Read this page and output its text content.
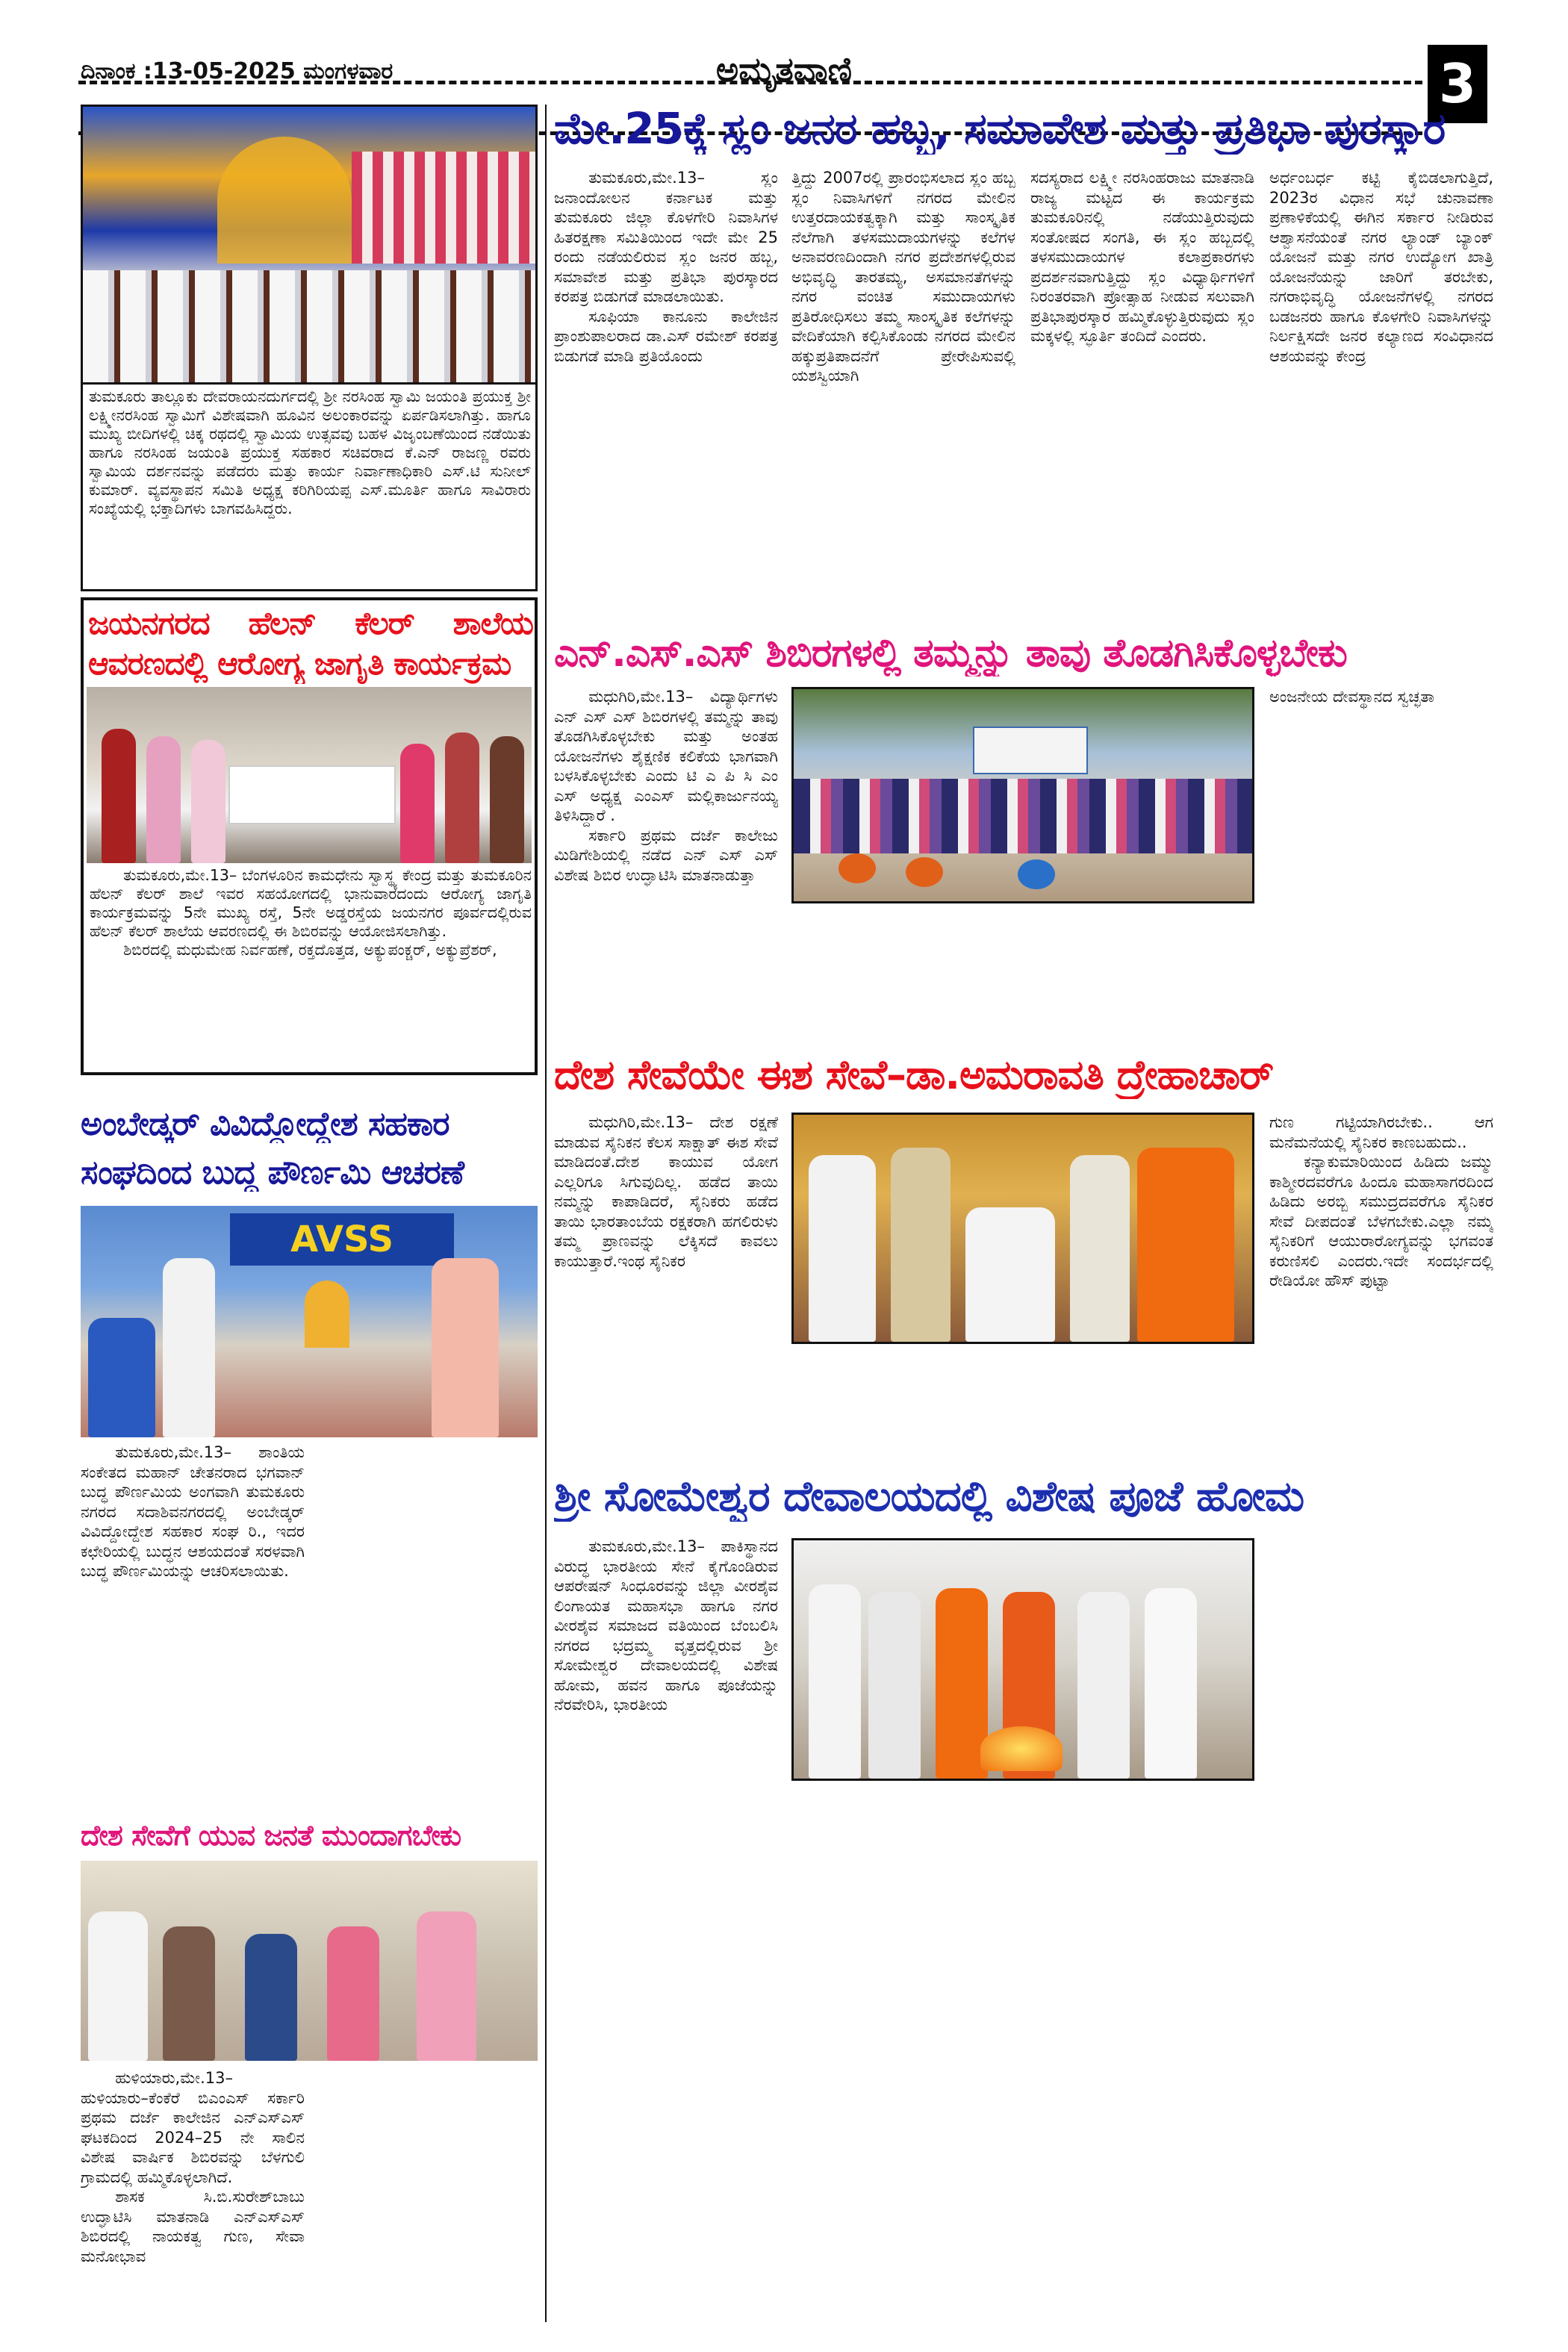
ದಿನಾಂಕ :13-05-2025 ಮಂಗಳವಾರ	ಅಮೃತವಾಣಿ	3
ತುಮಕೂರು ತಾಲ್ಲೂಕು ದೇವರಾಯನದುರ್ಗದಲ್ಲಿ ಶ್ರೀ ನರಸಿಂಹ ಸ್ವಾಮಿ ಜಯಂತಿ ಪ್ರಯುಕ್ತ ಶ್ರೀ ಲಕ್ಷ್ಮೀನರಸಿಂಹ ಸ್ವಾಮಿಗೆ ವಿಶೇಷವಾಗಿ ಹೂವಿನ ಅಲಂಕಾರವನ್ನು ಏರ್ಪಡಿಸಲಾಗಿತ್ತು. ಹಾಗೂ ಮುಖ್ಯ ಬೀದಿಗಳಲ್ಲಿ ಚಿಕ್ಕ ರಥದಲ್ಲಿ ಸ್ವಾಮಿಯ ಉತ್ಸವವು ಬಹಳ ವಿಜೃಂಬಣೆಯಿಂದ ನಡೆಯಿತು ಹಾಗೂ ನರಸಿಂಹ ಜಯಂತಿ ಪ್ರಯುಕ್ತ ಸಹಕಾರ ಸಚಿವರಾದ ಕೆ.ಎನ್ ರಾಜಣ್ಣ ರವರು ಸ್ವಾಮಿಯ ದರ್ಶನವನ್ನು ಪಡೆದರು ಮತ್ತು ಕಾರ್ಯ ನಿರ್ವಾಣಾಧಿಕಾರಿ ಎಸ್.ಟಿ ಸುನೀಲ್ ಕುಮಾರ್. ವ್ಯವಸ್ಥಾಪನ ಸಮಿತಿ ಅಧ್ಯಕ್ಷ ಕರಿಗಿರಿಯಪ್ಪ ಎಸ್.ಮೂರ್ತಿ ಹಾಗೂ ಸಾವಿರಾರು ಸಂಖ್ಯೆಯಲ್ಲಿ ಭಕ್ತಾದಿಗಳು ಬಾಗವಹಿಸಿದ್ದರು.
ಜಯನಗರದ ಹೆಲನ್ ಕೆಲರ್ ಶಾಲೆಯ
ಆವರಣದಲ್ಲಿ ಆರೋಗ್ಯ ಜಾಗೃತಿ ಕಾರ್ಯಕ್ರಮ

ತುಮಕೂರು,ಮೇ.13– ಬೆಂಗಳೂರಿನ ಕಾಮಧೇನು ಸ್ವಾಸ್ಥ್ಯ ಕೇಂದ್ರ ಮತ್ತು ತುಮಕೂರಿನ ಹೆಲನ್ ಕೆಲರ್ ಶಾಲೆ ಇವರ ಸಹಯೋಗದಲ್ಲಿ ಭಾನುವಾರದಂದು ಆರೋಗ್ಯ ಜಾಗೃತಿ ಕಾರ್ಯಕ್ರಮವನ್ನು 5ನೇ ಮುಖ್ಯ ರಸ್ತೆ, 5ನೇ ಅಡ್ಡರಸ್ತೆಯ ಜಯನಗರ ಪೂರ್ವದಲ್ಲಿರುವ ಹೆಲನ್ ಕೆಲರ್ ಶಾಲೆಯ ಆವರಣದಲ್ಲಿ ಈ ಶಿಬಿರವನ್ನು ಆಯೋಜಿಸಲಾಗಿತ್ತು.

ಶಿಬಿರದಲ್ಲಿ ಮಧುಮೇಹ ನಿರ್ವಹಣೆ, ರಕ್ತದೊತ್ತಡ, ಅಕ್ಯುಪಂಕ್ಚರ್, ಅಕ್ಯುಪ್ರೆಶರ್,

ಅಂಬೇಡ್ಕರ್ ವಿವಿದ್ದೋದ್ದೇಶ ಸಹಕಾರ
ಸಂಘದಿಂದ ಬುದ್ಧ ಪೌರ್ಣಮಿ ಆಚರಣೆ
AVSS

ತುಮಕೂರು,ಮೇ.13– ಶಾಂತಿಯ ಸಂಕೇತದ ಮಹಾನ್ ಚೇತನರಾದ ಭಗವಾನ್ ಬುದ್ಧ ಪೌರ್ಣಮಿಯ ಅಂಗವಾಗಿ ತುಮಕೂರು ನಗರದ ಸದಾಶಿವನಗರದಲ್ಲಿ ಅಂಬೇಡ್ಕರ್ ವಿವಿದ್ದೋದ್ದೇಶ ಸಹಕಾರ ಸಂಘ ರಿ., ಇದರ ಕಛೇರಿಯಲ್ಲಿ ಬುದ್ಧನ ಆಶಯದಂತೆ ಸರಳವಾಗಿ ಬುದ್ಧ ಪೌರ್ಣಮಿಯನ್ನು ಆಚರಿಸಲಾಯಿತು.

ದೇಶ ಸೇವೆಗೆ ಯುವ ಜನತೆ ಮುಂದಾಗಬೇಕು

ಹುಳಿಯಾರು,ಮೇ.13– ಹುಳಿಯಾರು–ಕೆಂಕೆರೆ ಬಿಎಂಎಸ್ ಸರ್ಕಾರಿ ಪ್ರಥಮ ದರ್ಜೆ ಕಾಲೇಜಿನ ಎನ್‌ಎಸ್‌ಎಸ್ ಘಟಕದಿಂದ 2024–25 ನೇ ಸಾಲಿನ ವಿಶೇಷ ವಾರ್ಷಿಕ ಶಿಬಿರವನ್ನು ಬೆಳಗುಲಿ ಗ್ರಾಮದಲ್ಲಿ ಹಮ್ಮಿಕೊಳ್ಳಲಾಗಿದೆ.

ಶಾಸಕ ಸಿ.ಬಿ.ಸುರೇಶ್‌ಬಾಬು ಉದ್ಘಾಟಿಸಿ ಮಾತನಾಡಿ ಎನ್‌ಎಸ್‌ಎಸ್ ಶಿಬಿರದಲ್ಲಿ ನಾಯಕತ್ವ ಗುಣ, ಸೇವಾ ಮನೋಭಾವ

ಮೇ.25ಕ್ಕೆ ಸ್ಲಂ ಜನರ ಹಬ್ಬ, ಸಮಾವೇಶ ಮತ್ತು ಪ್ರತಿಭಾ ಪುರಸ್ಕಾರ

ತುಮಕೂರು,ಮೇ.13– ಸ್ಲಂ ಜನಾಂದೋಲನ ಕರ್ನಾಟಕ ಮತ್ತು ತುಮಕೂರು ಜಿಲ್ಲಾ ಕೊಳಗೇರಿ ನಿವಾಸಿಗಳ ಹಿತರಕ್ಷಣಾ ಸಮಿತಿಯಿಂದ ಇದೇ ಮೇ 25 ರಂದು ನಡೆಯಲಿರುವ ಸ್ಲಂ ಜನರ ಹಬ್ಬ, ಸಮಾವೇಶ ಮತ್ತು ಪ್ರತಿಭಾ ಪುರಸ್ಕಾರದ ಕರಪತ್ರ ಬಿಡುಗಡೆ ಮಾಡಲಾಯಿತು.

ಸೂಫಿಯಾ ಕಾನೂನು ಕಾಲೇಜಿನ ಪ್ರಾಂಶುಪಾಲರಾದ ಡಾ.ಎಸ್ ರಮೇಶ್ ಕರಪತ್ರ ಬಿಡುಗಡೆ ಮಾಡಿ ಪ್ರತಿಯೊಂದು

ತ್ತಿದ್ದು 2007ರಲ್ಲಿ ಪ್ರಾರಂಭಿಸಲಾದ ಸ್ಲಂ ಹಬ್ಬ ಸ್ಲಂ ನಿವಾಸಿಗಳಿಗೆ ನಗರದ ಮೇಲಿನ ಉತ್ತರದಾಯಕತ್ವಕ್ಕಾಗಿ ಮತ್ತು ಸಾಂಸ್ಕೃತಿಕ ನೆಲೆಗಾಗಿ ತಳಸಮುದಾಯಗಳನ್ನು ಕಲೆಗಳ ಅನಾವರಣದಿಂದಾಗಿ ನಗರ ಪ್ರದೇಶಗಳಲ್ಲಿರುವ ಅಭಿವೃದ್ಧಿ ತಾರತಮ್ಯ, ಅಸಮಾನತೆಗಳನ್ನು ನಗರ ವಂಚಿತ ಸಮುದಾಯಗಳು ಪ್ರತಿರೋಧಿಸಲು ತಮ್ಮ ಸಾಂಸ್ಕೃತಿಕ ಕಲೆಗಳನ್ನು ವೇದಿಕೆಯಾಗಿ ಕಲ್ಪಿಸಿಕೊಂಡು ನಗರದ ಮೇಲಿನ ಹಕ್ಕುಪ್ರತಿಪಾದನೆಗೆ ಪ್ರೇರೇಪಿಸುವಲ್ಲಿ ಯಶಸ್ವಿಯಾಗಿ

ಸದಸ್ಯರಾದ ಲಕ್ಷ್ಮೀ ನರಸಿಂಹರಾಜು ಮಾತನಾಡಿ ರಾಜ್ಯ ಮಟ್ಟದ ಈ ಕಾರ್ಯಕ್ರಮ ತುಮಕೂರಿನಲ್ಲಿ ನಡೆಯುತ್ತಿರುವುದು ಸಂತೋಷದ ಸಂಗತಿ, ಈ ಸ್ಲಂ ಹಬ್ಬದಲ್ಲಿ ತಳಸಮುದಾಯಗಳ ಕಲಾಪ್ರಕಾರಗಳು ಪ್ರದರ್ಶನವಾಗುತ್ತಿದ್ದು ಸ್ಲಂ ವಿಧ್ಯಾರ್ಥಿಗಳಿಗೆ ನಿರಂತರವಾಗಿ ಪ್ರೋತ್ಸಾಹ ನೀಡುವ ಸಲುವಾಗಿ ಪ್ರತಿಭಾಪುರಸ್ಕಾರ ಹಮ್ಮಿಕೊಳ್ಳುತ್ತಿರುವುದು ಸ್ಲಂ ಮಕ್ಕಳಲ್ಲಿ ಸ್ಫೂರ್ತಿ ತಂದಿದೆ ಎಂದರು.

ಅರ್ಧಂಬರ್ಧ ಕಟ್ಟಿ ಕೈಬಿಡಲಾಗುತ್ತಿದೆ, 2023ರ ವಿಧಾನ ಸಭೆ ಚುನಾವಣಾ ಪ್ರಣಾಳಿಕೆಯಲ್ಲಿ ಈಗಿನ ಸರ್ಕಾರ ನೀಡಿರುವ ಆಶ್ವಾಸನೆಯಂತೆ ನಗರ ಲ್ಯಾಂಡ್ ಬ್ಯಾಂಕ್ ಯೋಜನೆ ಮತ್ತು ನಗರ ಉದ್ಯೋಗ ಖಾತ್ರಿ ಯೋಜನೆಯನ್ನು ಜಾರಿಗೆ ತರಬೇಕು, ನಗರಾಭಿವೃದ್ಧಿ ಯೋಜನೆಗಳಲ್ಲಿ ನಗರದ ಬಡಜನರು ಹಾಗೂ ಕೊಳಗೇರಿ ನಿವಾಸಿಗಳನ್ನು ನಿರ್ಲಕ್ಷಿಸದೇ ಜನರ ಕಲ್ಯಾಣದ ಸಂವಿಧಾನದ ಆಶಯವನ್ನು ಕೇಂದ್ರ

ಎನ್.ಎಸ್.ಎಸ್ ಶಿಬಿರಗಳಲ್ಲಿ ತಮ್ಮನ್ನು ತಾವು ತೊಡಗಿಸಿಕೊಳ್ಳಬೇಕು

ಮಧುಗಿರಿ,ಮೇ.13– ವಿದ್ಯಾರ್ಥಿಗಳು ಎನ್ ಎಸ್ ಎಸ್ ಶಿಬಿರಗಳಲ್ಲಿ ತಮ್ಮನ್ನು ತಾವು ತೊಡಗಿಸಿಕೊಳ್ಳಬೇಕು ಮತ್ತು ಅಂತಹ ಯೋಜನೆಗಳು ಶೈಕ್ಷಣಿಕ ಕಲಿಕೆಯ ಭಾಗವಾಗಿ ಬಳಸಿಕೊಳ್ಳಬೇಕು ಎಂದು ಟಿ ಎ ಪಿ ಸಿ ಎಂ ಎಸ್ ಅಧ್ಯಕ್ಷ ಎಂಎಸ್ ಮಲ್ಲಿಕಾರ್ಜುನಯ್ಯ ತಿಳಿಸಿದ್ದಾರೆ .

ಸರ್ಕಾರಿ ಪ್ರಥಮ ದರ್ಜೆ ಕಾಲೇಜು ಮಿಡಿಗೇಶಿಯಲ್ಲಿ ನಡೆದ ಎನ್ ಎಸ್ ಎಸ್ ವಿಶೇಷ ಶಿಬಿರ ಉದ್ಘಾಟಿಸಿ ಮಾತನಾಡುತ್ತಾ

ಅಂಜನೇಯ ದೇವಸ್ಥಾನದ ಸ್ವಚ್ಛತಾ

ದೇಶ ಸೇವೆಯೇ ಈಶ ಸೇವೆ–ಡಾ.ಅಮರಾವತಿ ದ್ರೇಹಾಚಾರ್

ಮಧುಗಿರಿ,ಮೇ.13– ದೇಶ ರಕ್ಷಣೆ ಮಾಡುವ ಸೈನಿಕನ ಕೆಲಸ ಸಾಕ್ಷಾತ್ ಈಶ ಸೇವೆ ಮಾಡಿದಂತೆ.ದೇಶ ಕಾಯುವ ಯೋಗ ಎಲ್ಲರಿಗೂ ಸಿಗುವುದಿಲ್ಲ. ಹಡೆದ ತಾಯಿ ನಮ್ಮನ್ನು ಕಾಪಾಡಿದರೆ, ಸೈನಿಕರು ಹಡೆದ ತಾಯಿ ಭಾರತಾಂಬೆಯ ರಕ್ಷಕರಾಗಿ ಹಗಲಿರುಳು ತಮ್ಮ ಪ್ರಾಣವನ್ನು ಲೆಕ್ಕಿಸದೆ ಕಾವಲು ಕಾಯುತ್ತಾರೆ.ಇಂಥ ಸೈನಿಕರ

ಗುಣ ಗಟ್ಟಿಯಾಗಿರಬೇಕು.. ಆಗ ಮನೆಮನೆಯಲ್ಲಿ ಸೈನಿಕರ ಕಾಣಬಹುದು..

ಕನ್ಯಾಕುಮಾರಿಯಿಂದ ಹಿಡಿದು ಜಮ್ಮು ಕಾಶ್ಮೀರದವರೆಗೂ ಹಿಂದೂ ಮಹಾಸಾಗರದಿಂದ ಹಿಡಿದು ಅರಬ್ಬಿ ಸಮುದ್ರದವರೆಗೂ ಸೈನಿಕರ ಸೇವೆ ದೀಪದಂತೆ ಬೆಳಗಬೇಕು.ಎಲ್ಲಾ ನಮ್ಮ ಸೈನಿಕರಿಗೆ ಆಯುರಾರೋಗ್ಯವನ್ನು ಭಗವಂತ ಕರುಣಿಸಲಿ ಎಂದರು.ಇದೇ ಸಂದರ್ಭದಲ್ಲಿ ರೇಡಿಯೋ ಹೌಸ್ ಪುಟ್ಟಾ

ಶ್ರೀ ಸೋಮೇಶ್ವರ ದೇವಾಲಯದಲ್ಲಿ ವಿಶೇಷ ಪೂಜೆ ಹೋಮ

ತುಮಕೂರು,ಮೇ.13– ಪಾಕಿಸ್ಥಾನದ ವಿರುದ್ಧ ಭಾರತೀಯ ಸೇನೆ ಕೈಗೊಂಡಿರುವ ಆಪರೇಷನ್ ಸಿಂಧೂರವನ್ನು ಜಿಲ್ಲಾ ವೀರಶೈವ ಲಿಂಗಾಯತ ಮಹಾಸಭಾ ಹಾಗೂ ನಗರ ವೀರಶೈವ ಸಮಾಜದ ವತಿಯಿಂದ ಬೆಂಬಲಿಸಿ ನಗರದ ಭದ್ರಮ್ಮ ವೃತ್ತದಲ್ಲಿರುವ ಶ್ರೀ ಸೋಮೇಶ್ವರ ದೇವಾಲಯದಲ್ಲಿ ವಿಶೇಷ ಹೋಮ, ಹವನ ಹಾಗೂ ಪೂಜೆಯನ್ನು ನೆರವೇರಿಸಿ, ಭಾರತೀಯ
